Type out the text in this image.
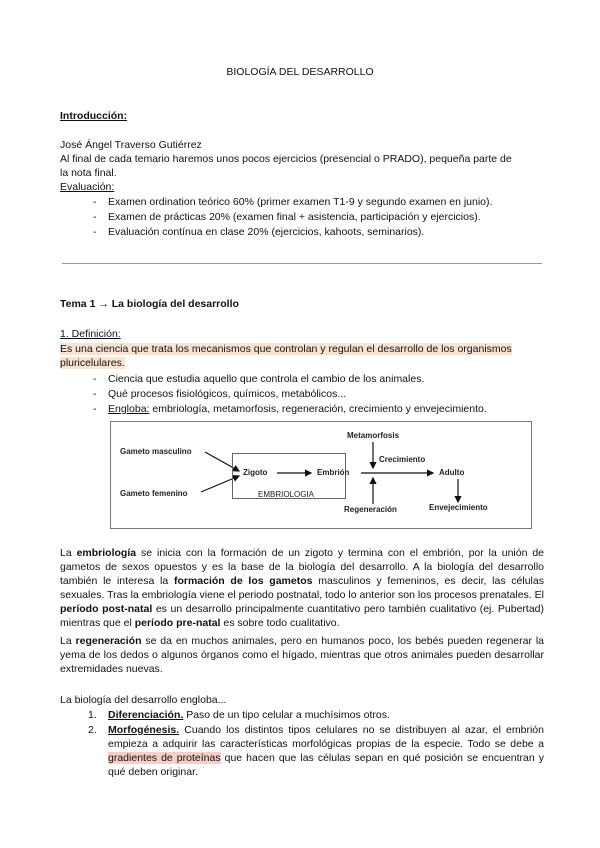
BIOLOGÍA DEL DESARROLLO
Introducción:
José Ángel Traverso Gutiérrez
Al final de cada temario haremos unos pocos ejercicios (presencial o PRADO), pequeña parte de
la nota final.
Evaluación:
- Examen ordination teórico 60% (primer examen T1-9 y segundo examen en junio).
- Examen de prácticas 20% (examen final + asistencia, participación y ejercicios).
- Evaluación contínua en clase 20% (ejercicios, kahoots, seminarios).
Tema 1 → La biología del desarrollo
1. Definición:
Es una ciencia que trata los mecanismos que controlan y regulan el desarrollo de los organismos
pluricelulares.
- Ciencia que estudia aquello que controla el cambio de los animales.
- Qué procesos fisiológicos, químicos, metabólicos...
- Engloba: embriología, metamorfosis, regeneración, crecimiento y envejecimiento.
Gameto masculino
Gameto femenino
Zigoto	Embrión
EMBRIOLOGIA
Metamorfosis
Crecimiento
Adulto
Regeneración	Envejecimiento
La embriología se inicia con la formación de un zigoto y termina con el embrión, por la unión de gametos de sexos opuestos y es la base de la biología del desarrollo. A la biología del desarrollo también le interesa la formación de los gametos masculinos y femeninos, es decir, las células sexuales. Tras la embriología viene el periodo postnatal, todo lo anterior son los procesos prenatales. El período post-natal es un desarrollo principalmente cuantitativo pero también cualitativo (ej. Pubertad) mientras que el período pre-natal es sobre todo cualitativo.
La regeneración se da en muchos animales, pero en humanos poco, los bebés pueden regenerar la yema de los dedos o algunos órganos como el hígado, mientras que otros animales pueden desarrollar extremidades nuevas.
La biología del desarrollo engloba...
1. Diferenciación. Paso de un tipo celular a muchísimos otros.
2. Morfogénesis. Cuando los distintos tipos celulares no se distribuyen al azar, el embrión empieza a adquirir las características morfológicas propias de la especie. Todo se debe a gradientes de proteínas que hacen que las células sepan en qué posición se encuentran y qué deben originar.
